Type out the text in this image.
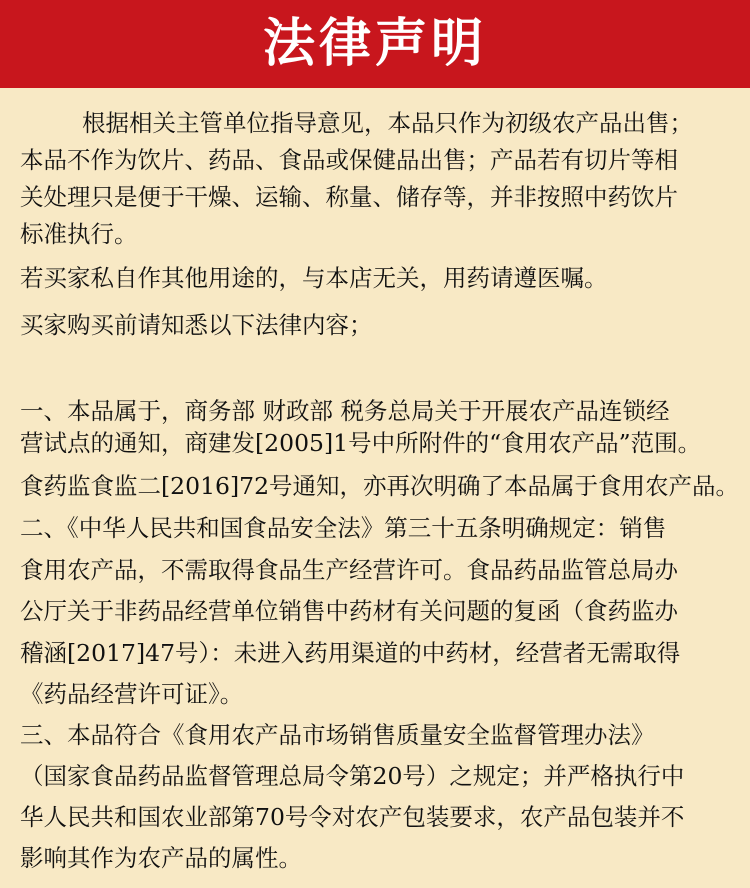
法律声明
根据相关主管单位指导意见，本品只作为初级农产品出售；
本品不作为饮片、药品、食品或保健品出售；产品若有切片等相
关处理只是便于干燥、运输、称量、储存等，并非按照中药饮片
标准执行。
若买家私自作其他用途的，与本店无关，用药请遵医嘱。
买家购买前请知悉以下法律内容；
一、本品属于，商务部 财政部 税务总局关于开展农产品连锁经
营试点的通知，商建发[2005]1号中所附件的“食用农产品”范围。
食药监食监二[2016]72号通知，亦再次明确了本品属于食用农产品。
二、《中华人民共和国食品安全法》第三十五条明确规定：销售
食用农产品，不需取得食品生产经营许可。食品药品监管总局办
公厅关于非药品经营单位销售中药材有关问题的复函（食药监办
稽涵[2017]47号）：未进入药用渠道的中药材，经营者无需取得
《药品经营许可证》。
三、本品符合《食用农产品市场销售质量安全监督管理办法》
（国家食品药品监督管理总局令第20号）之规定；并严格执行中
华人民共和国农业部第70号令对农产包装要求，农产品包装并不
影响其作为农产品的属性。
